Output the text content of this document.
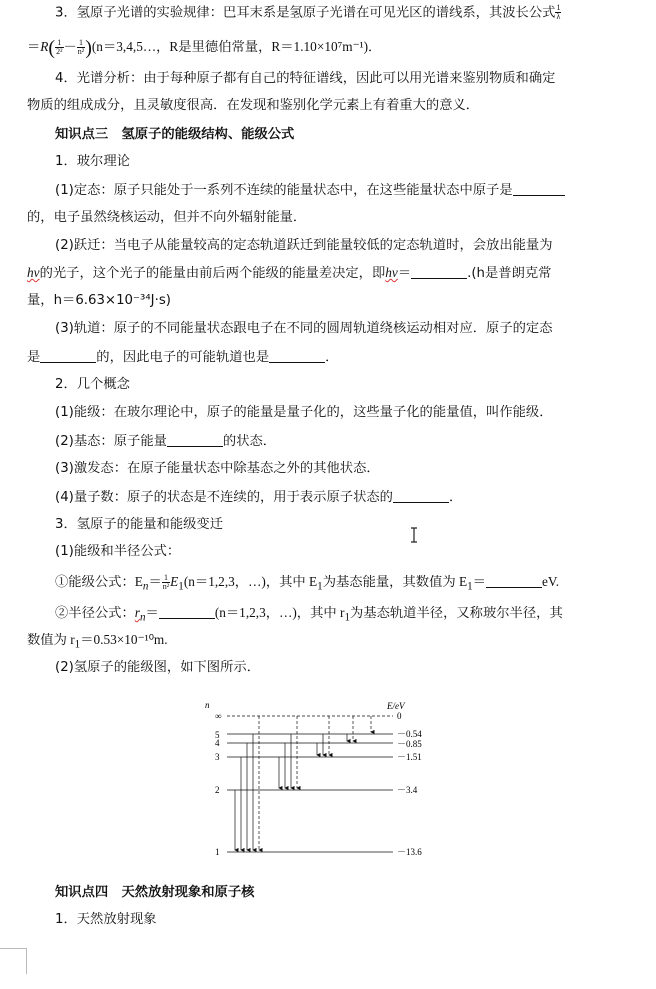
3．氢原子光谱的实验规律：巴耳末系是氢原子光谱在可见光区的谱线系，其波长公式 $\frac{1}{\lambda}$
$=R( \frac{1}{\text{2²}} - \frac{1}{\text{n²}}$ )(n＝3,4,5…，R是里德伯常量，R＝1.10×10⁷m⁻¹)．
4．光谱分析：由于每种原子都有自己的特征谱线，因此可以用光谱来鉴别物质和确定
物质的组成成分，且灵敏度很高．在发现和鉴别化学元素上有着重大的意义．
知识点三　氢原子的能级结构、能级公式
1．玻尔理论
(1)定态：原子只能处于一系列不连续的能量状态中，在这些能量状态中原子是
的，电子虽然绕核运动，但并不向外辐射能量．
(2)跃迁：当电子从能量较高的定态轨道跃迁到能量较低的定态轨道时，会放出能量为
hν的光子，这个光子的能量由前后两个能级的能量差决定，即hν＝	.(h是普朗克常
量，h＝6.63×10⁻³⁴J·s)
(3)轨道：原子的不同能量状态跟电子在不同的圆周轨道绕核运动相对应．原子的定态
是	的，因此电子的可能轨道也是	．
2．几个概念
(1)能级：在玻尔理论中，原子的能量是量子化的，这些量子化的能量值，叫作能级．
(2)基态：原子能量	的状态．
(3)激发态：在原子能量状态中除基态之外的其他状态．
(4)量子数：原子的状态是不连续的，用于表示原子状态的	．
3．氢原子的能量和能级变迁
(1)能级和半径公式：
①能级公式：$E_n= \frac{1}{\text{n²}} E_1(n=1,2,3$，…)，其中 $E_1$为基态能量，其数值为 $E_1=$	eV.
②半径公式：$r_n=$	(n＝1,2,3，…)，其中 $r_1$为基态轨道半径，又称玻尔半径，其
数值为 $r_1=0.53\times 10^{-10}m$.
(2)氢原子的能级图，如下图所示．
n	E/eV
∞	0
5	－0.54
4	－0.85
3	－1.51
2	－3.4
1	－13.6
知识点四　天然放射现象和原子核
1．天然放射现象
